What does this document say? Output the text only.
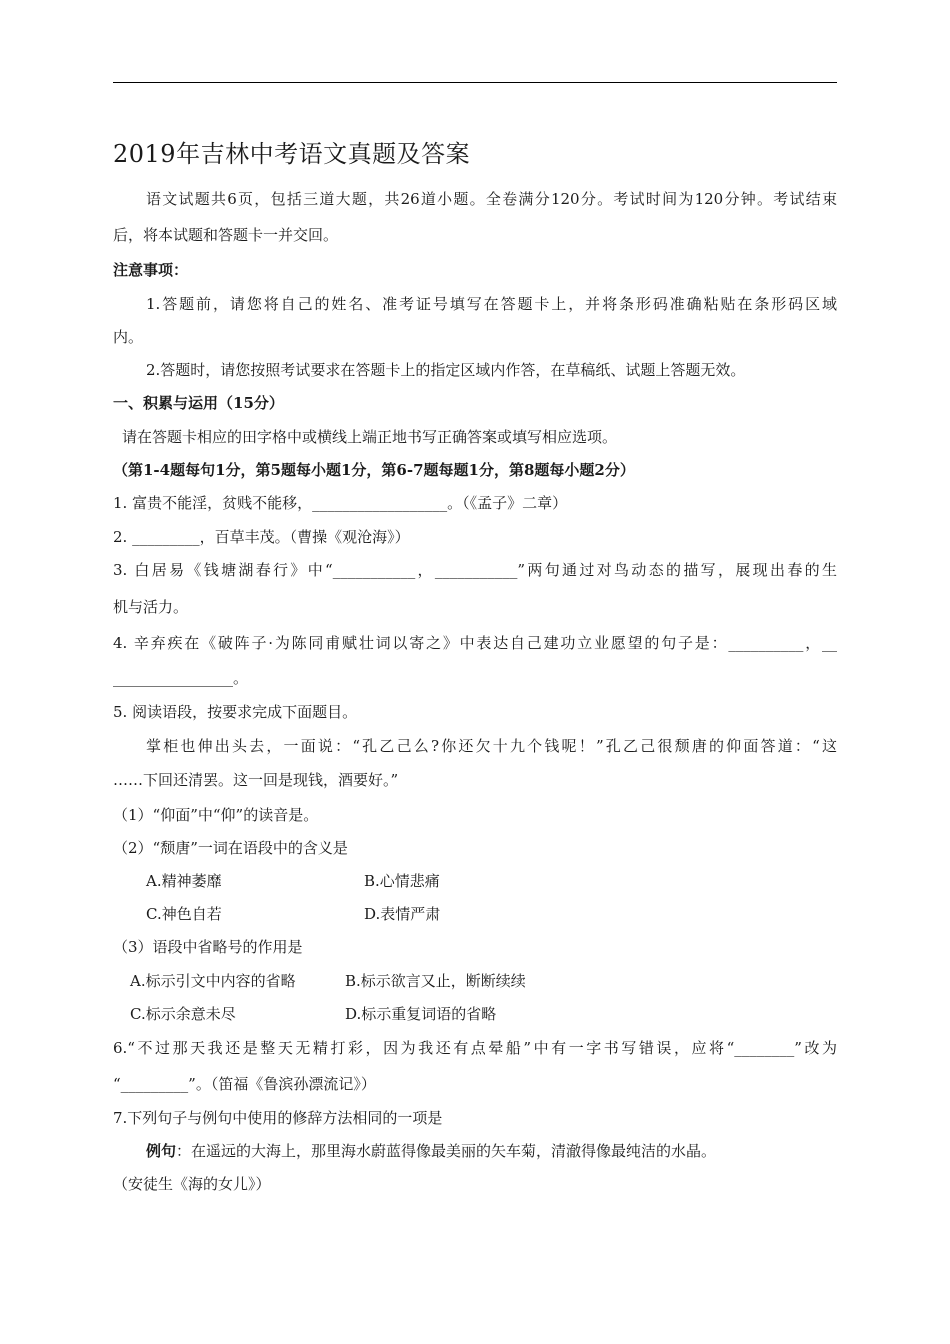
2019年吉林中考语文真题及答案
语文试题共6页，包括三道大题，共26道小题。全卷满分120分。考试时间为120分钟。考试结束
后，将本试题和答题卡一并交回。
注意事项：
1.答题前，请您将自己的姓名、准考证号填写在答题卡上，并将条形码准确粘贴在条形码区域
内。
2.答题时，请您按照考试要求在答题卡上的指定区域内作答，在草稿纸、试题上答题无效。
一、积累与运用（15分）
请在答题卡相应的田字格中或横线上端正地书写正确答案或填写相应选项。
（第1-4题每句1分，第5题每小题1分，第6-7题每题1分，第8题每小题2分）
1. 富贵不能淫，贫贱不能移，__________________。（《孟子》二章）
2. _________，百草丰茂。（曹操《观沧海》）
3. 白居易《钱塘湖春行》中“___________，___________”两句通过对鸟动态的描写，展现出春的生
机与活力。
4. 辛弃疾在《破阵子·为陈同甫赋壮词以寄之》中表达自己建功立业愿望的句子是：__________，__
________________。
5. 阅读语段，按要求完成下面题目。
掌柜也伸出头去，一面说：“孔乙己么?你还欠十九个钱呢！”孔乙己很颓唐的仰面答道：“这
……下回还清罢。这一回是现钱，酒要好。”
（1）“仰面”中“仰”的读音是。
（2）“颓唐”一词在语段中的含义是
A.精神萎靡	B.心情悲痛
C.神色自若	D.表情严肃
（3）语段中省略号的作用是
A.标示引文中内容的省略	B.标示欲言又止，断断续续
C.标示余意未尽	D.标示重复词语的省略
6.“不过那天我还是整天无精打彩，因为我还有点晕船”中有一字书写错误，应将“________”改为
“_________”。（笛福《鲁滨孙漂流记》）
7.下列句子与例句中使用的修辞方法相同的一项是
例句：在遥远的大海上，那里海水蔚蓝得像最美丽的矢车菊，清澈得像最纯洁的水晶。
（安徒生《海的女儿》）
